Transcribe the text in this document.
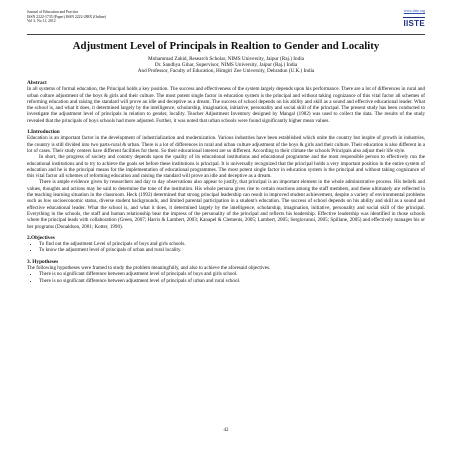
Journal of Education and Practice
ISSN 2222-1735 (Paper) ISSN 2222-288X (Online)
Vol 3, No 11, 2012
www.iiste.org
IISTE
Adjustment Level of Principals in Realtion to Gender and Locality
Mohammad Zahid, Research Scholar, NIMS University, Jaipur (Raj.) India
Dr. Sandhya Gihar, Supervisor, NIMS University, Jaipur (Raj.) India
And Professor, Faculty of Education, Himgiri Zee University, Dehradun (U.K.) India
Abstract

In all systems of formal education, the Principal holds a key position. The success and effectiveness of the system largely depends upon his performance. There are a lot of differences in rural and urban culture adjustment of the boys & girls and their culture. The most potent single factor in education system is the principal and without taking cognizance of this vital factor all schemes of reforming education and raising the standard will prove an idle and deceptive as a dream. The success of school depends on his ability and skill as a sound and effective educational leader. What the school is, and what it does, it determined largely by the intelligence, scholarship, imagination, initiative, personality and social skill of the principal. The present study has been conducted to investigate the adjustment level of principals in relation to gender, locality. Teacher Adjustment Inventory designed by Mangal (1982) was used to collect the data. The results of the study revealed that the principals of boys schools had more adjusted. Further, it was noted that urban schools were found significantly higher mean values.

1.Introduction

Education is an important factor in the development of industrialization and modernization. Various industries have been established which unite the country but inspite of growth in industries, the country is still divided into two parts-rural & urban. There is a lot of differences in rural and urban culture adjustment of the boys & girls and their culture. Their education is also different in a lot of cases. Their study centers have different facilities for them. So their educational interest are so different. According to their climate the schools Principals also adjust their life style.

In short, the progress of society and country depends upon the quality of its educational institutions and educational programme and the most responsible person to effectively run the educational institutions and to try to achieve the goals set before these institutions is principal. It is universally recognized that the principal holds a very important position in the entire system of education and he is the principal means for the implementation of educational programmes. The most potent single factor in education system is the principal and without taking cognizance of this vital factor all schemes of reforming education and raising the standard will prove an idle and deceptive as a dream.

There is ample evidence given by researchers and day to day observations also appear to justify, that principal is an important element in the whole administrative process. His beliefs and values, thoughts and actions may be said to determine the tone of the institution. His whole persona gives rise to certain reactions among the staff members, and these ultimately are reflected in the teaching learning situation in the classroom. Heck (1992) determined that strong principal leadership can result in improved student achievement, despite a variety of environmental problems such as low socioeconomic status, diverse student backgrounds, and limited parental participation in a student's education. The success of school depends on his ability and skill as a sound and effective educational leader. What the school is, and what it does, it determined largely by the intelligence, scholarship, imagination, initiative, personality and social skill of the principal. Everything in the schools, the staff and human relationship bear the impress of the personality of the principal and reflects his leadership. Effective leadership was identified in those schools where the principal leads with collaboration (Green, 2007; Harris & Lambert, 2003; Kanapel & Clements, 2005; Lambert, 2005; Sergiovanni, 2005; Spillane, 2005) and effectively manages his or her programs (Donaldson, 2001; Kotter, 1990).

2.Objectives
• To find out the adjustment Level of principals of boys and girls schools.
• To know the adjustment level of principals of urban and rural locality.
3. Hypotheses

The following hypotheses were framed to study the problem meaningfully, and also to achieve the aforesaid objectives.

• There is no significant difference between adjustment level of principals of boys and girls school.
• There is no significant difference between adjustment level of principals of urban and rural school.
42
